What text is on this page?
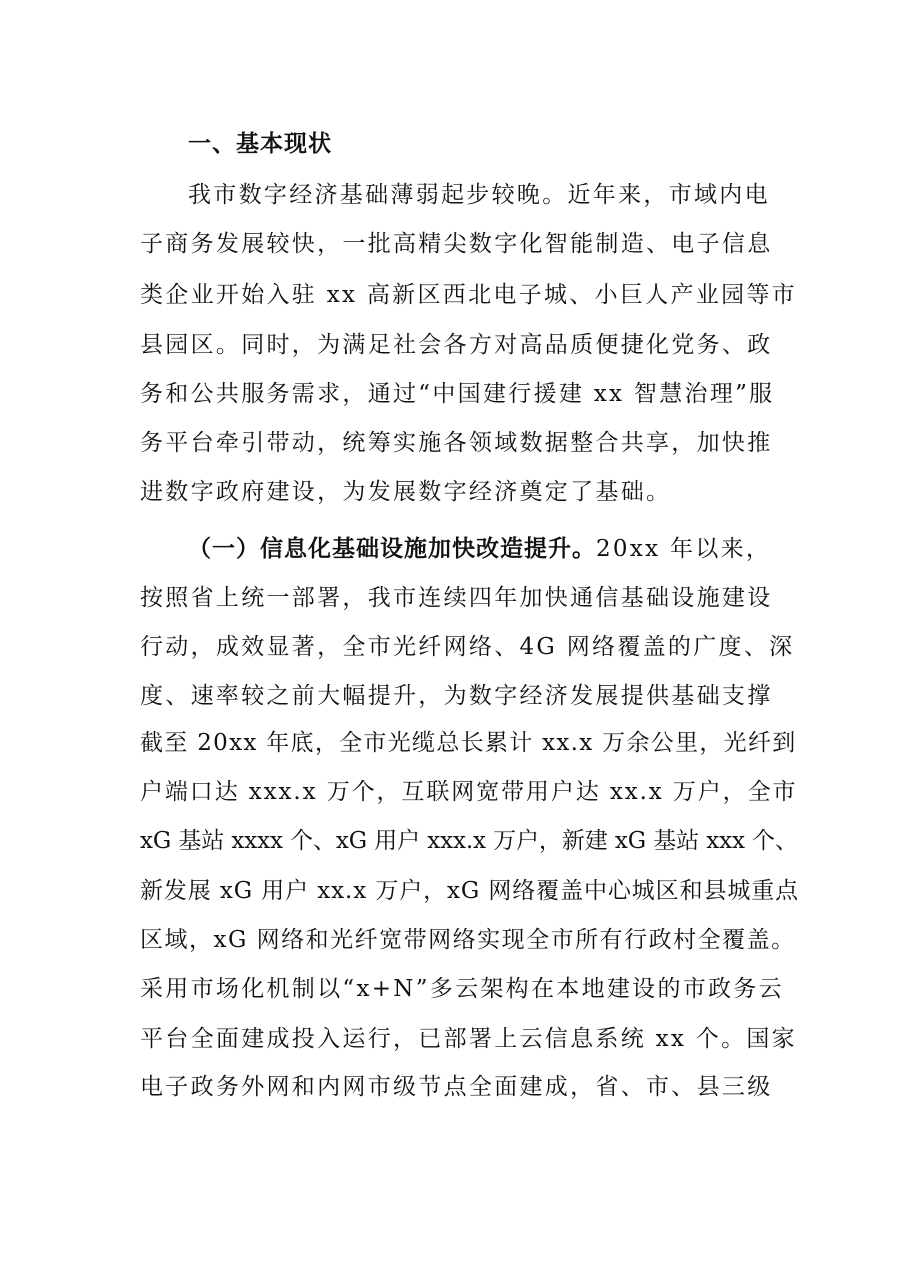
一、基本现状
我市数字经济基础薄弱起步较晚。近年来，市域内电
子商务发展较快，一批高精尖数字化智能制造、电子信息
类企业开始入驻 xx 高新区西北电子城、小巨人产业园等市
县园区。同时，为满足社会各方对高品质便捷化党务、政
务和公共服务需求，通过“中国建行援建 xx 智慧治理”服
务平台牵引带动，统筹实施各领域数据整合共享，加快推
进数字政府建设，为发展数字经济奠定了基础。
（一）信息化基础设施加快改造提升。20xx 年以来，
按照省上统一部署，我市连续四年加快通信基础设施建设
行动，成效显著，全市光纤网络、4G 网络覆盖的广度、深
度、速率较之前大幅提升，为数字经济发展提供基础支撑
截至 20xx 年底，全市光缆总长累计 xx.x 万余公里，光纤到
户端口达 xxx.x 万个，互联网宽带用户达 xx.x 万户，全市
xG 基站 xxxx 个、xG 用户 xxx.x 万户，新建 xG 基站 xxx 个、
新发展 xG 用户 xx.x 万户，xG 网络覆盖中心城区和县城重点
区域，xG 网络和光纤宽带网络实现全市所有行政村全覆盖。
采用市场化机制以“x+N”多云架构在本地建设的市政务云
平台全面建成投入运行，已部署上云信息系统 xx 个。国家
电子政务外网和内网市级节点全面建成，省、市、县三级
